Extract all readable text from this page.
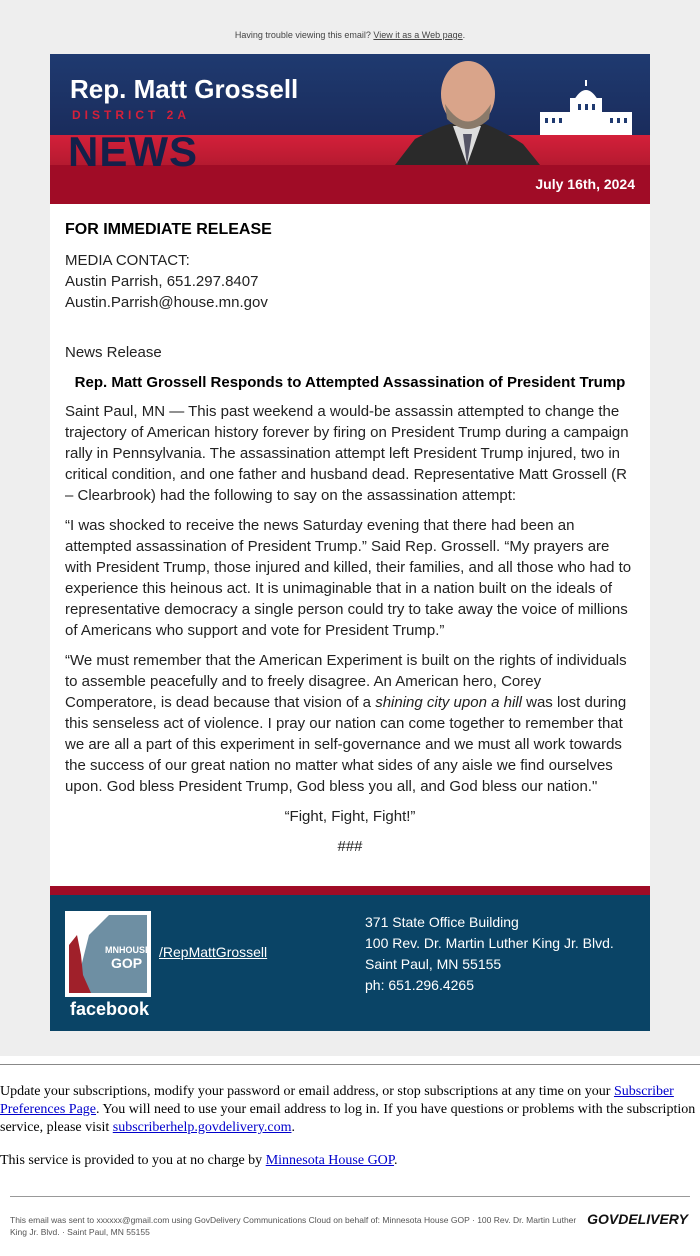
Having trouble viewing this email? View it as a Web page.
Rep. Matt Grossell
DISTRICT 2A
NEWS
July 16th, 2024
FOR IMMEDIATE RELEASE
MEDIA CONTACT:
Austin Parrish, 651.297.8407
Austin.Parrish@house.mn.gov
News Release
Rep. Matt Grossell Responds to Attempted Assassination of President Trump

Saint Paul, MN — This past weekend a would-be assassin attempted to change the trajectory of American history forever by firing on President Trump during a campaign rally in Pennsylvania. The assassination attempt left President Trump injured, two in critical condition, and one father and husband dead. Representative Matt Grossell (R – Clearbrook) had the following to say on the assassination attempt:

“I was shocked to receive the news Saturday evening that there had been an attempted assassination of President Trump.” Said Rep. Grossell. “My prayers are with President Trump, those injured and killed, their families, and all those who had to experience this heinous act. It is unimaginable that in a nation built on the ideals of representative democracy a single person could try to take away the voice of millions of Americans who support and vote for President Trump.”

“We must remember that the American Experiment is built on the rights of individuals to assemble peacefully and to freely disagree. An American hero, Corey Comperatore, is dead because that vision of a shining city upon a hill was lost during this senseless act of violence. I pray our nation can come together to remember that we are all a part of this experiment in self-governance and we must all work towards the success of our great nation no matter what sides of any aisle we find ourselves upon. God bless President Trump, God bless you all, and God bless our nation."

“Fight, Fight, Fight!”

###

MNHOUSE
GOP
facebook
/RepMattGrossell
371 State Office Building
100 Rev. Dr. Martin Luther King Jr. Blvd.
Saint Paul, MN 55155
ph: 651.296.4265

Update your subscriptions, modify your password or email address, or stop subscriptions at any time on your Subscriber Preferences Page. You will need to use your email address to log in. If you have questions or problems with the subscription service, please visit subscriberhelp.govdelivery.com.

This service is provided to you at no charge by Minnesota House GOP.

This email was sent to xxxxxx@gmail.com using GovDelivery Communications Cloud on behalf of: Minnesota House GOP · 100 Rev. Dr. Martin Luther King Jr. Blvd. · Saint Paul, MN 55155
GOVDELIVERY
